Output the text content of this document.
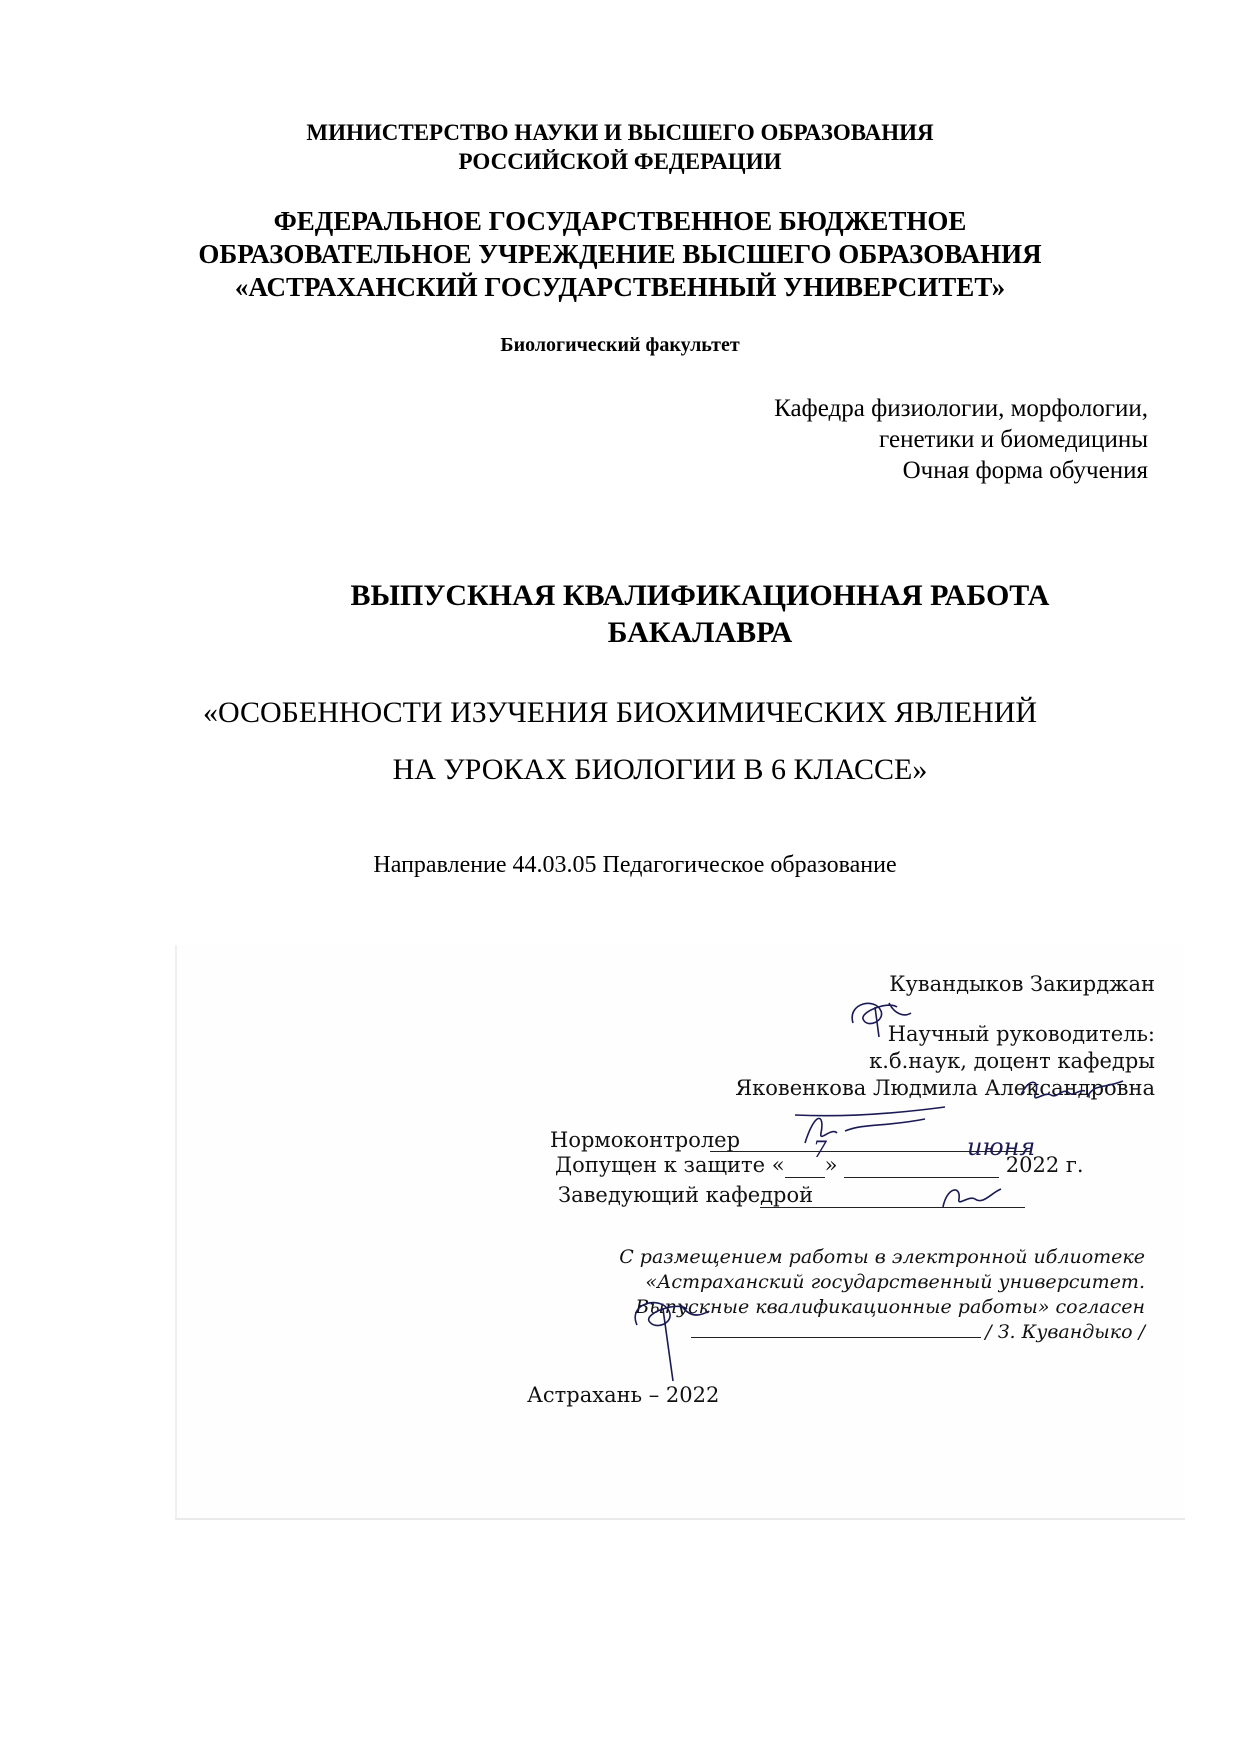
МИНИСТЕРСТВО НАУКИ И ВЫСШЕГО ОБРАЗОВАНИЯ
РОССИЙСКОЙ ФЕДЕРАЦИИ
ФЕДЕРАЛЬНОЕ ГОСУДАРСТВЕННОЕ БЮДЖЕТНОЕ
ОБРАЗОВАТЕЛЬНОЕ УЧРЕЖДЕНИЕ ВЫСШЕГО ОБРАЗОВАНИЯ
«АСТРАХАНСКИЙ ГОСУДАРСТВЕННЫЙ УНИВЕРСИТЕТ»
Биологический факультет
Кафедра физиологии, морфологии,
генетики и биомедицины
Очная форма обучения
ВЫПУСКНАЯ КВАЛИФИКАЦИОННАЯ РАБОТА
БАКАЛАВРА
«ОСОБЕННОСТИ ИЗУЧЕНИЯ БИОХИМИЧЕСКИХ ЯВЛЕНИЙ
НА УРОКАХ БИОЛОГИИ В 6 КЛАССЕ»
Направление 44.03.05 Педагогическое образование
Кувандыков Закирджан
Научный руководитель:
к.б.наук, доцент кафедры
Яковенкова Людмила Александровна
Нормоконтролер
Допущен к защите « »	2022 г.
7	июня
Заведующий кафедрой
С размещением работы в электронной иблиотеке
«Астраханский государственный университет.
Выпускные квалификационные работы» согласен
/ З. Кувандыко /
Астрахань – 2022
